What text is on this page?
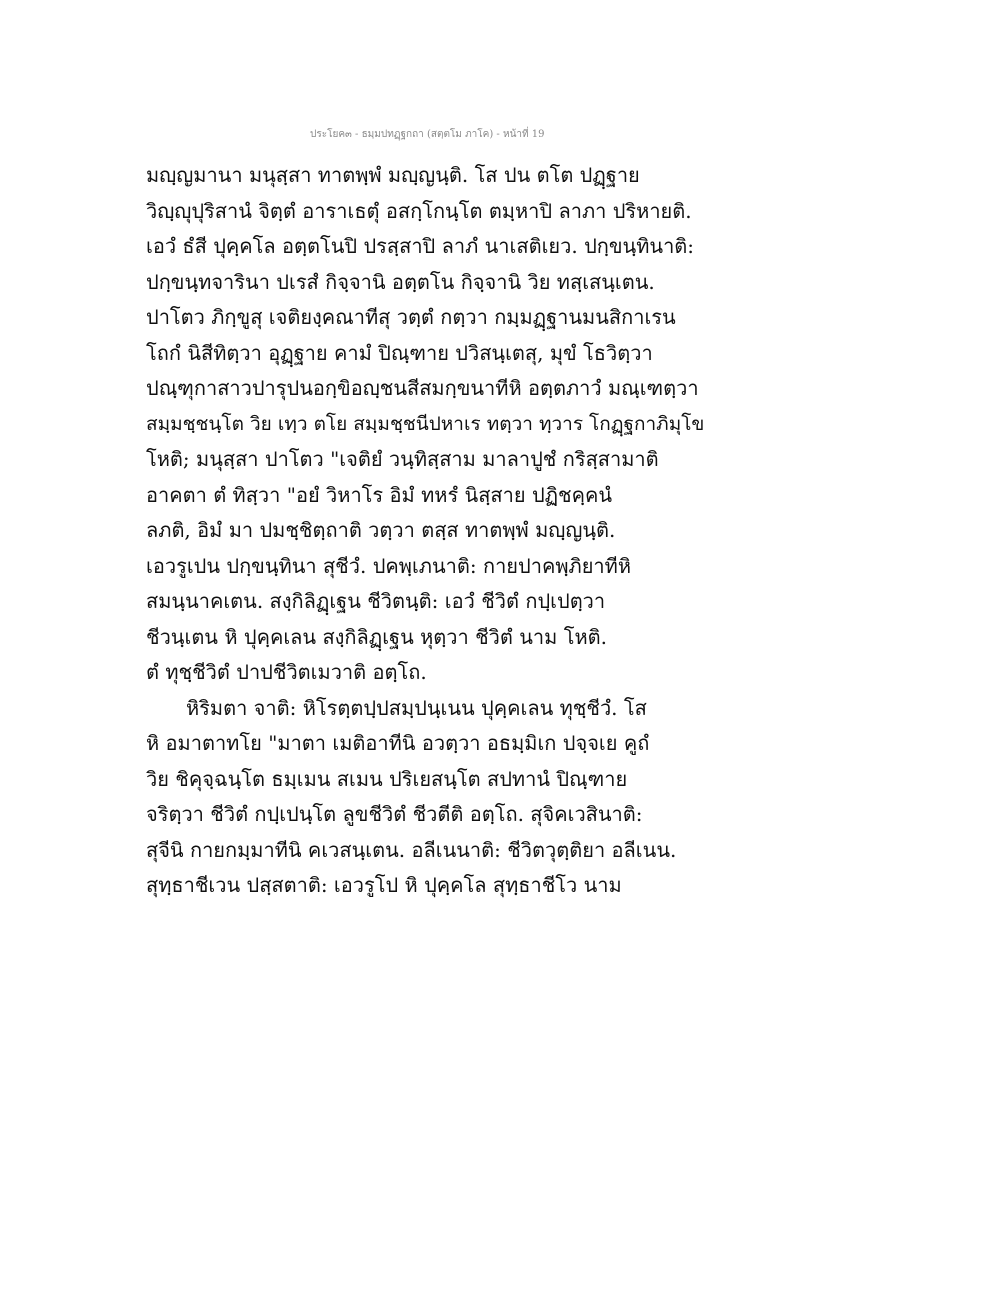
ประโยค๓ - ธมฺมปทฏฺฐกถา (สตฺตโม ภาโค) - หน้าที่ 19
มญฺญมานา มนุสฺสา ทาตพฺพํ มญฺญนฺติ. โส ปน ตโต ปฏฺฐาย
วิญฺญุปุริสานํ จิตฺตํ อาราเธตุํ อสกฺโกนฺโต ตมฺหาปิ ลาภา ปริหายติ.
เอวํ ธํสี ปุคฺคโล อตฺตโนปิ ปรสฺสาปิ ลาภํ นาเสติเยว. ปกฺขนฺทินาติ:
ปกฺขนฺทจารินา ปเรสํ กิจฺจานิ อตฺตโน กิจฺจานิ วิย ทสฺเสนฺเตน.
ปาโตว ภิกฺขูสุ เจติยงฺคณาทีสุ วตฺตํ กตฺวา กมฺมฏฺฐานมนสิกาเรน
โถกํ นิสีทิตฺวา อุฏฺฐาย คามํ ปิณฺฑาย ปวิสนฺเตสุ, มุขํ โธวิตฺวา
ปณฺฑุกาสาวปารุปนอกฺขิอญฺชนสีสมกฺขนาทีหิ อตฺตภาวํ มณฺเฑตฺวา
สมฺมชฺชนฺโต วิย เทฺว ตโย สมฺมชฺชนีปหาเร ทตฺวา ทฺวาร โกฏฺฐกาภิมุโข
โหติ; มนุสฺสา ปาโตว "เจติยํ วนฺทิสฺสาม มาลาปูชํ กริสฺสามาติ
อาคตา ตํ ทิสฺวา "อยํ วิหาโร อิมํ ทหรํ นิสฺสาย ปฏิชคฺคนํ
ลภติ, อิมํ มา ปมชฺชิตฺถาติ วตฺวา ตสฺส ทาตพฺพํ มญฺญนฺติ.
เอวรูเปน ปกฺขนฺทินา สุชีวํ. ปคพฺเภนาติ: กายปาคพฺภิยาทีหิ
สมนฺนาคเตน. สงฺกิลิฏฺเฐน ชีวิตนฺติ: เอวํ ชีวิตํ กปฺเปตฺวา
ชีวนฺเตน หิ ปุคฺคเลน สงฺกิลิฏฺเฐน หุตฺวา ชีวิตํ นาม โหติ.
ตํ ทุชฺชีวิตํ ปาปชีวิตเมวาติ อตฺโถ.
หิริมตา จาติ: หิโรตฺตปฺปสมฺปนฺเนน ปุคฺคเลน ทุชฺชีวํ. โส
หิ อมาตาทโย "มาตา เมติอาทีนิ อวตฺวา อธมฺมิเก ปจฺจเย คูถํ
วิย ชิคุจฺฉนฺโต ธมฺเมน สเมน ปริเยสนฺโต สปทานํ ปิณฺฑาย
จริตฺวา ชีวิตํ กปฺเปนฺโต ลูขชีวิตํ ชีวตีติ อตฺโถ. สุจิคเวสินาติ:
สุจีนิ กายกมฺมาทีนิ คเวสนฺเตน. อลีเนนาติ: ชีวิตวุตฺติยา อลีเนน.
สุทฺธาชีเวน ปสฺสตาติ: เอวรูโป หิ ปุคฺคโล สุทฺธาชีโว นาม
